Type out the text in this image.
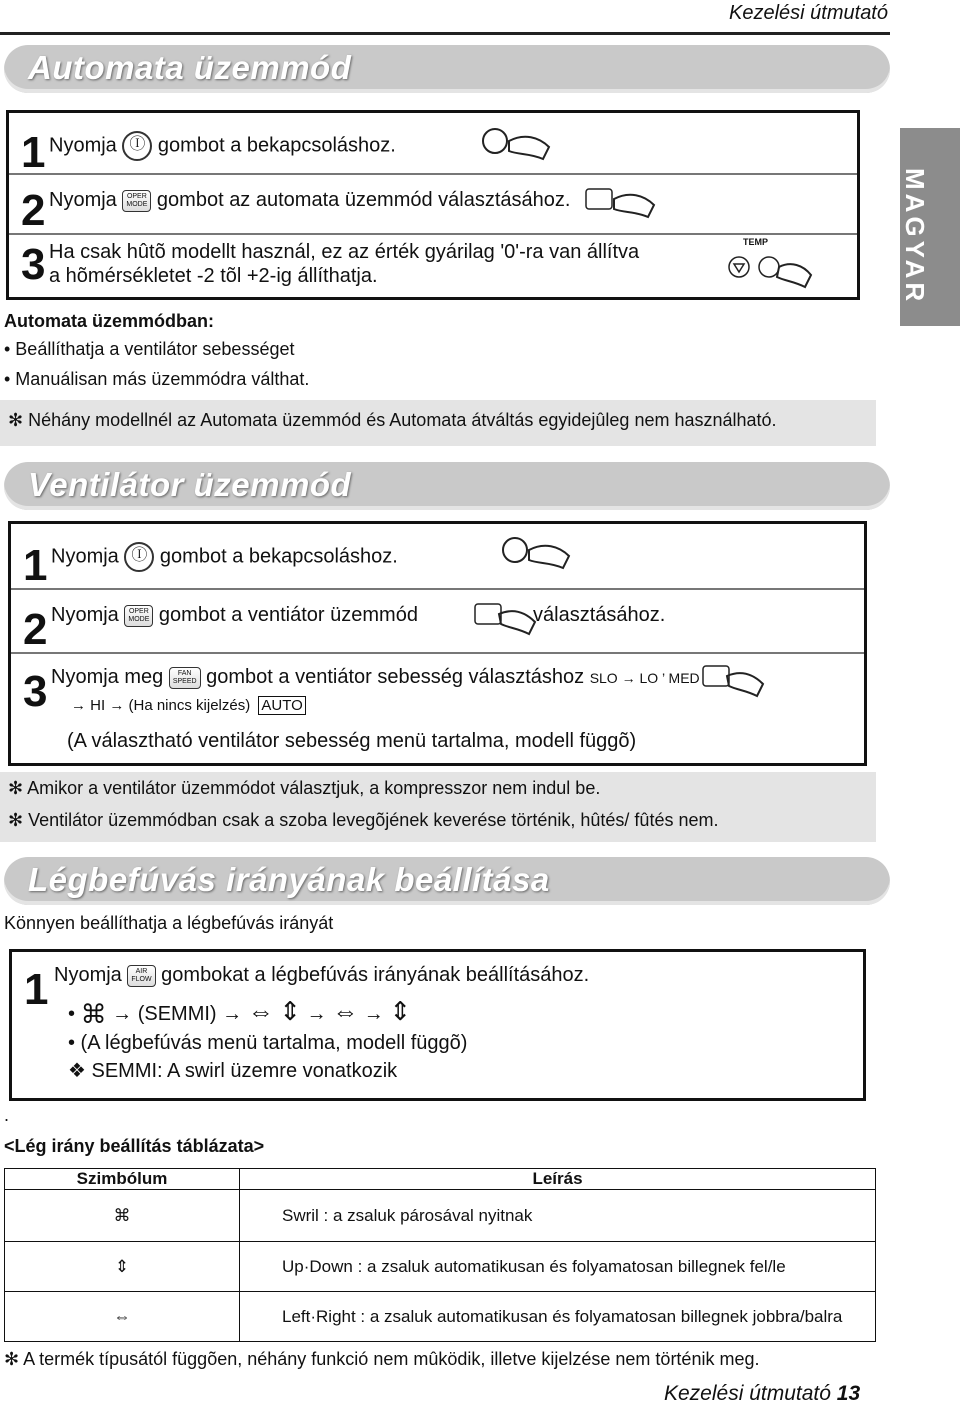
Kezelési útmutató
MAGYAR
Automata üzemmód
1 Nyomja Ⓘ gombot a bekapcsoláshoz.
2 Nyomja OPER
MODE gombot az automata üzemmód választásához.
3 Ha csak hûtõ modellt használ, ez az érték gyárilag '0'-ra van állítva
a hõmérsékletet -2 tõl +2-ig állíthatja.
TEMP
Automata üzemmódban:
• Beállíthatja a ventilátor sebességet
• Manuálisan más üzemmódra válthat.
✻ Néhány modellnél az Automata üzemmód és Automata átváltás egyidejûleg nem használható.
Ventilátor üzemmód
1 Nyomja Ⓘ gombot a bekapcsoláshoz.
2 Nyomja OPER
MODE gombot a ventiátor üzemmód	választásához.
3 Nyomja meg FAN
SPEED gombot a ventiátor sebesség választáshoz SLO → LO ’ MED
→ HI → (Ha nincs kijelzés) AUTO
(A választható ventilátor sebesség menü tartalma, modell függõ)
✻ Amikor a ventilátor üzemmódot választjuk, a kompresszor nem indul be.
✻ Ventilátor üzemmódban csak a szoba levegõjének keverése történik, hûtés/ fûtés nem.
Légbefúvás irányának beállítása
Könnyen beállíthatja a légbefúvás irányát
1 Nyomja AIR
FLOW gombokat a légbefúvás irányának beállításához.
• ⌘ → (SEMMI) → ⇔ ⇕ → ⇔ → ⇕
• (A légbefúvás menü tartalma, modell függõ)
❖ SEMMI: A swirl üzemre vonatkozik
.
<Lég irány beállítás táblázata>
Szimbólum	Leírás
⌘	Swril : a zsaluk párosával nyitnak
⇕	Up·Down : a zsaluk automatikusan és folyamatosan billegnek fel/le
⇔	Left·Right : a zsaluk automatikusan és folyamatosan billegnek jobbra/balra
✻ A termék típusától függõen, néhány funkció nem mûködik, illetve kijelzése nem történik meg.
Kezelési útmutató 13
